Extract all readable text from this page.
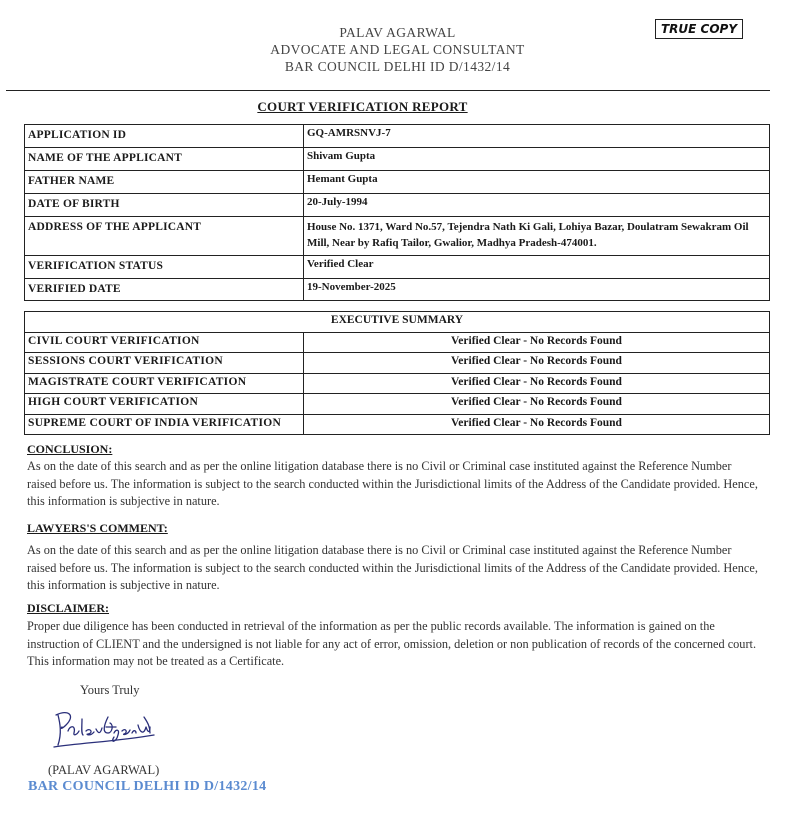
PALAV AGARWAL
ADVOCATE AND LEGAL CONSULTANT
BAR COUNCIL DELHI ID D/1432/14
TRUE COPY
COURT VERIFICATION REPORT
APPLICATION ID	GQ-AMRSNVJ-7
NAME OF THE APPLICANT	Shivam Gupta
FATHER NAME	Hemant Gupta
DATE OF BIRTH	20-July-1994
ADDRESS OF THE APPLICANT	House No. 1371, Ward No.57, Tejendra Nath Ki Gali, Lohiya Bazar, Doulatram Sewakram Oil Mill, Near by Rafiq Tailor, Gwalior, Madhya Pradesh-474001.
VERIFICATION STATUS	Verified Clear
VERIFIED DATE	19-November-2025
EXECUTIVE SUMMARY	
CIVIL COURT VERIFICATION	Verified Clear - No Records Found
SESSIONS COURT VERIFICATION	Verified Clear - No Records Found
MAGISTRATE COURT VERIFICATION	Verified Clear - No Records Found
HIGH COURT VERIFICATION	Verified Clear - No Records Found
SUPREME COURT OF INDIA VERIFICATION	Verified Clear - No Records Found
CONCLUSION:
As on the date of this search and as per the online litigation database there is no Civil or Criminal case instituted against the Reference Number raised before us. The information is subject to the search conducted within the Jurisdictional limits of the Address of the Candidate provided. Hence, this information is subjective in nature.
LAWYERS'S COMMENT:
As on the date of this search and as per the online litigation database there is no Civil or Criminal case instituted against the Reference Number raised before us. The information is subject to the search conducted within the Jurisdictional limits of the Address of the Candidate provided. Hence, this information is subjective in nature.
DISCLAIMER:
Proper due diligence has been conducted in retrieval of the information as per the public records available. The information is gained on the instruction of CLIENT and the undersigned is not liable for any act of error, omission, deletion or non publication of records of the concerned court. This information may not be treated as a Certificate.
Yours Truly
(PALAV AGARWAL)
BAR COUNCIL DELHI ID D/1432/14
